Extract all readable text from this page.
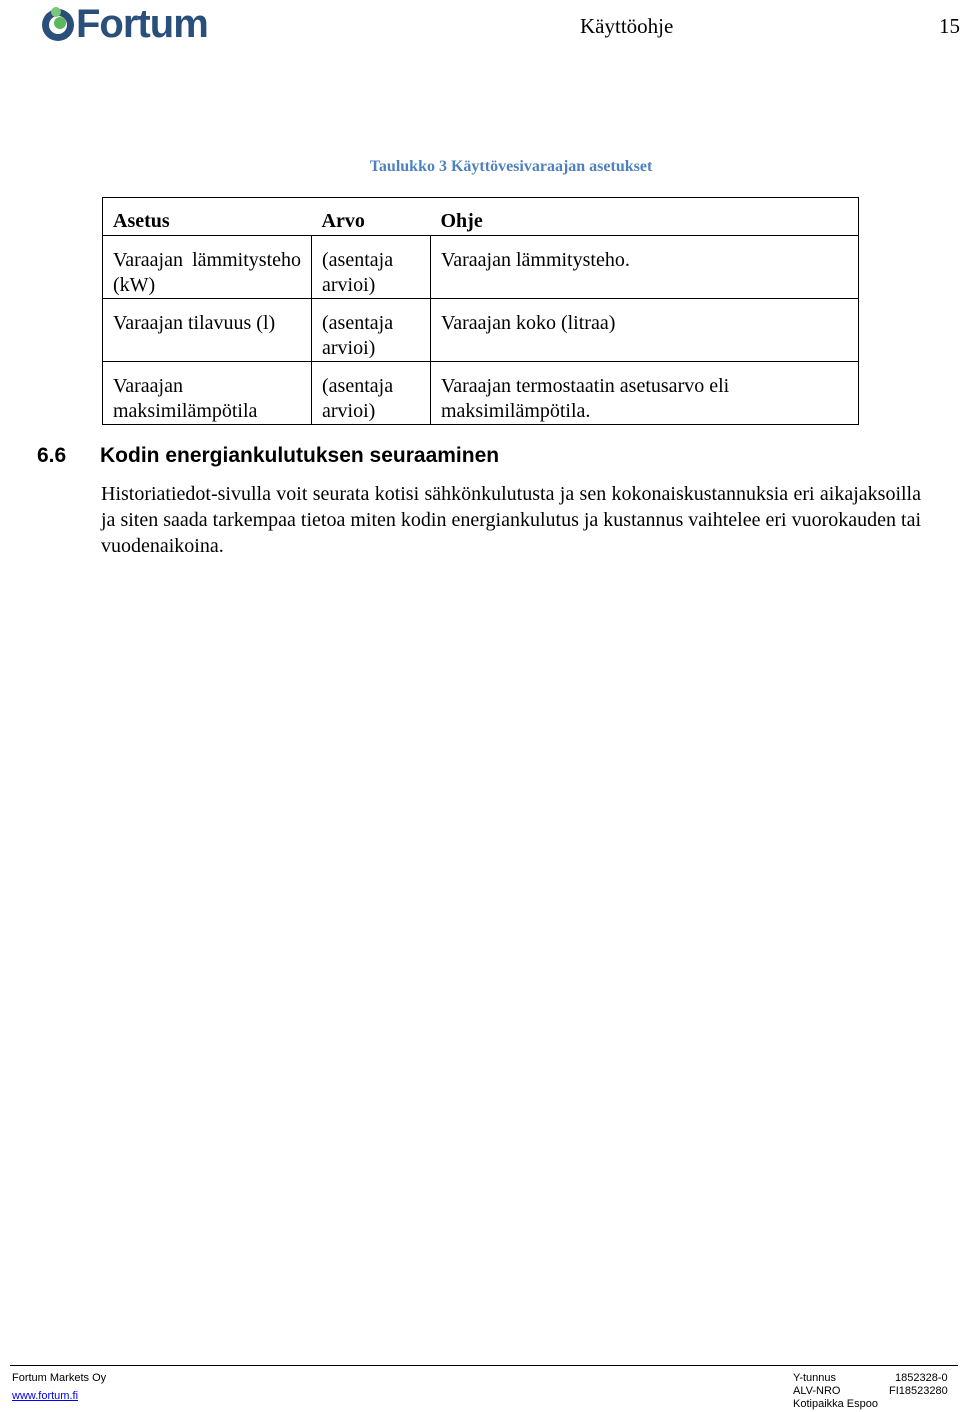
Fortum	Käyttöohje	15
Taulukko 3 Käyttövesivaraajan asetukset
Asetus	Arvo	Ohje
Varaajan lämmitysteho (kW)	(asentaja arvioi)	Varaajan lämmitysteho.
Varaajan tilavuus (l)	(asentaja arvioi)	Varaajan koko (litraa)
Varaajan maksimilämpötila	(asentaja arvioi)	Varaajan termostaatin asetusarvo eli maksimilämpötila.
6.6 Kodin energiankulutuksen seuraaminen
Historiatiedot-sivulla voit seurata kotisi sähkönkulutusta ja sen kokonaiskustannuksia eri aikajaksoilla ja siten saada tarkempaa tietoa miten kodin energiankulutus ja kustannus vaihtelee eri vuorokauden tai vuodenaikoina.
Fortum Markets Oy
www.fortum.fi
Y-tunnus	1852328-0
ALV-NRO	FI18523280
Kotipaikka Espoo
